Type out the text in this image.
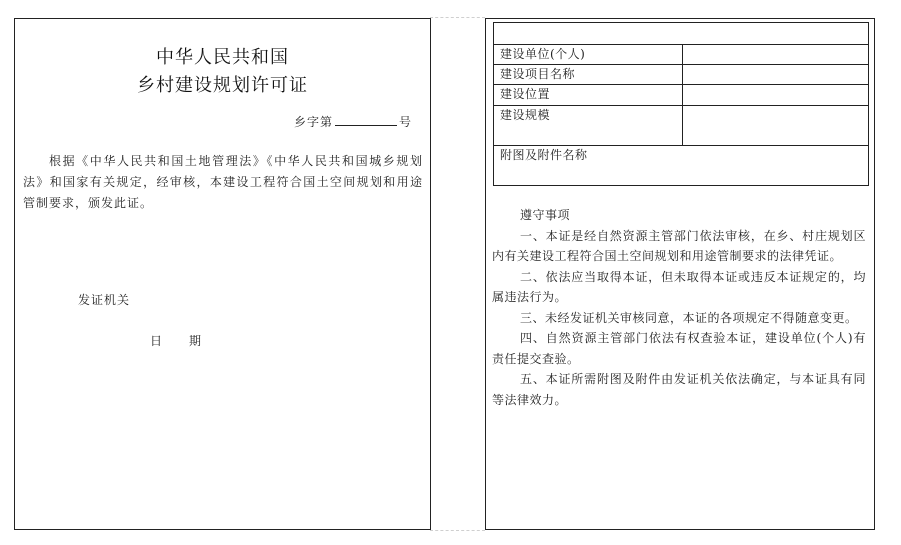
中华人民共和国
乡村建设规划许可证
乡字第	号
根据《中华人民共和国土地管理法》《中华人民共和国城乡规划法》和国家有关规定，经审核，本建设工程符合国土空间规划和用途管制要求，颁发此证。
发证机关
日　　期

建设单位(个人)	
建设项目名称	
建设位置	
建设规模	
附图及附件名称	
遵守事项

一、本证是经自然资源主管部门依法审核，在乡、村庄规划区内有关建设工程符合国土空间规划和用途管制要求的法律凭证。

二、依法应当取得本证，但未取得本证或违反本证规定的，均属违法行为。

三、未经发证机关审核同意，本证的各项规定不得随意变更。

四、自然资源主管部门依法有权查验本证，建设单位(个人)有责任提交查验。

五、本证所需附图及附件由发证机关依法确定，与本证具有同等法律效力。
